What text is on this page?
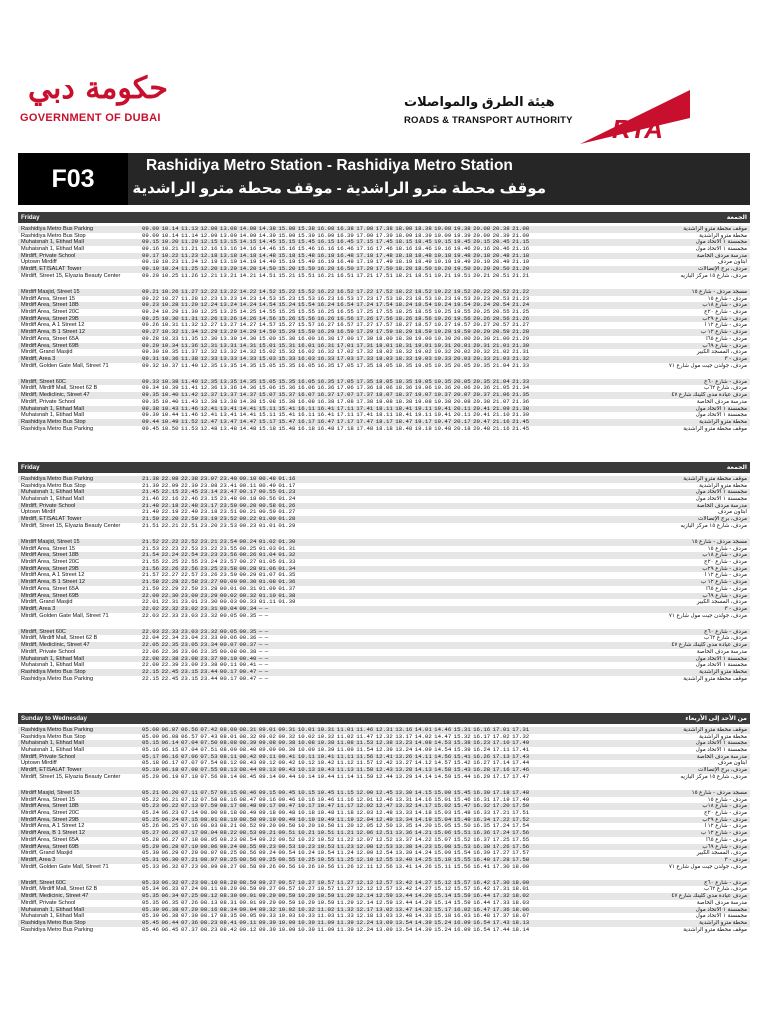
حكومة دبي
GOVERNMENT OF DUBAI
هيئة الطرق والمواصلات
ROADS & TRANSPORT AUTHORITY RTA
F03	Rashidiya Metro Station - Rashidiya Metro Station
موقف محطة مترو الراشدية - موقف محطة مترو الراشدية
Friday	الجمعة
Rashidiya Metro Bus Parking	09.09 10.14 11.13 12.08 13.08 14.08 14.38 15.08 15.38 16.08 16.38 17.08 17.38 18.08 18.38 19.08 19.38 20.08 20.38 21.08	موقف محطة مترو الراشدية
Rashidiya Metro Bus Stop	09.09 10.14 11.14 12.09 13.09 14.09 14.39 15.09 15.39 16.09 16.39 17.09 17.39 18.09 18.39 19.09 19.39 20.09 20.39 21.09	محطة مترو الراشدية
Muhaisnah 1, Etihad Mall	09.15 10.20 11.20 12.15 13.15 14.15 14.45 15.15 15.45 16.15 16.45 17.15 17.45 18.15 18.45 19.15 19.45 20.15 20.45 21.15	مجمسنة ١ الاتحاد مول
Muhaisnah 1, Etihad Mall	09.16 10.21 11.21 12.16 13.16 14.16 14.46 15.16 15.46 16.16 16.46 17.16 17.46 18.16 18.46 19.16 19.46 20.16 20.46 21.16	مجمسنة ١ الاتحاد مول
Mirdiff, Private School	09.17 10.22 11.23 12.18 13.18 14.18 14.48 15.18 15.48 16.18 16.48 17.18 17.48 18.18 18.48 19.18 19.48 20.18 20.48 21.18	مدرسة مردف الخاصة
Uptown Mirdiff	09.18 10.23 11.24 12.19 13.19 14.19 14.49 15.19 15.49 16.19 16.49 17.19 17.49 18.19 18.49 19.19 19.49 20.19 20.49 21.19	أبتاون مردف
Mirdiff, ETISALAT Tower	09.19 10.24 11.25 12.20 13.20 14.20 14.50 15.20 15.50 16.20 16.50 17.20 17.50 18.20 18.50 19.20 19.50 20.20 20.50 21.20	مردف، برج الإتصالات
Mirdiff, Street 15, Elyazia Beauty Center	09.20 10.25 11.26 12.21 13.21 14.21 14.51 15.21 15.51 16.21 16.51 17.21 17.51 18.21 18.51 19.21 19.51 20.21 20.51 21.21	مردف، شارع ١٥ مركز اليازيه
Mirdiff Masjid, Street 15	09.21 10.26 11.27 12.22 13.22 14.22 14.52 15.22 15.52 16.22 16.52 17.22 17.52 18.22 18.52 19.22 19.52 20.22 20.52 21.22	مسجد مردف - شارع ١٥
Mirdiff Area, Street 15	09.22 10.27 11.28 12.23 13.23 14.23 14.53 15.23 15.53 16.23 16.53 17.23 17.53 18.23 18.53 19.23 19.53 20.23 20.53 21.23	مردف - شارع ١٥
Mirdiff Area, Street 18B	09.23 10.28 11.29 12.24 13.24 14.24 14.54 15.24 15.54 16.24 16.54 17.24 17.54 18.24 18.54 19.24 19.54 20.24 20.54 21.24	مردف - شارع ١٨ب
Mirdiff Area, Street 20C	09.24 10.29 11.30 12.25 13.25 14.25 14.55 15.25 15.55 16.25 16.55 17.25 17.55 18.25 18.55 19.25 19.55 20.25 20.55 21.25	مردف - شارع ٢٠ج
Mirdiff Area, Street 29B	09.25 10.30 11.31 12.26 13.26 14.26 14.56 15.26 15.56 16.26 16.56 17.26 17.56 18.26 18.56 19.26 19.56 20.26 20.56 21.26	مردف - شارع ٢٩ب
Mirdiff Area, A 1 Street 12	09.26 10.31 11.32 12.27 13.27 14.27 14.57 15.27 15.57 16.27 16.57 17.27 17.57 18.27 18.57 19.27 19.57 20.27 20.57 21.27	مردف - شارع ١٢ أ
Mirdiff Area, B 1 Street 12	09.27 10.32 11.34 12.29 13.29 14.29 14.59 15.29 15.59 16.29 16.59 17.29 17.59 18.29 18.59 19.29 19.59 20.29 20.59 21.28	مردف - شارع ١٢ ب
Mirdiff Area, Street 65A	09.28 10.33 11.35 12.30 13.30 14.30 15.00 15.30 16.00 16.30 17.00 17.30 18.00 18.30 19.00 19.30 20.00 20.30 21.00 21.29	مردف - شارع ٦٥أ
Mirdiff Area, Street 69B	09.29 10.34 11.36 12.31 13.31 14.31 15.01 15.31 16.01 16.31 17.01 17.31 18.01 18.31 19.01 19.31 20.01 20.31 21.01 21.30	مردف - شارع ٦٩ب
Mirdiff, Grand Masjid	09.30 10.35 11.37 12.32 13.32 14.32 15.02 15.32 16.02 16.32 17.02 17.32 18.02 18.32 19.02 19.32 20.02 20.32 21.02 21.31	مردف، المسجد الكبير
Mirdiff, Area 3	09.31 10.36 11.38 12.33 13.33 14.33 15.03 15.33 16.03 16.33 17.03 17.33 18.03 18.33 19.03 19.33 20.03 20.33 21.03 21.32	مردف - ٣
Mirdiff, Golden Gate Mall, Street 71	09.32 10.37 11.40 12.35 13.35 14.35 15.05 15.35 16.05 16.35 17.05 17.35 18.05 18.35 19.05 19.35 20.05 20.35 21.04 21.33	مردف، جولدن جيت مول شارع ٧١
Mirdiff, Street 60C	09.33 10.38 11.40 12.35 13.35 14.35 15.05 15.35 16.05 16.35 17.05 17.35 18.05 18.35 19.05 19.35 20.05 20.35 21.04 21.33	مردف - شارع ٦٠ج
Mirdiff, Mirdiff Mall, Street 62 B	09.34 10.39 11.41 12.36 13.36 14.36 15.06 15.36 16.06 16.36 17.06 17.36 18.06 18.36 19.06 19.36 20.06 20.36 21.05 21.34	مردف، شارع ٦٢ب
Mirdiff, Mediclinic, Street 47	09.35 10.40 11.42 12.37 13.37 14.37 15.07 15.37 16.07 16.37 17.07 17.37 18.07 18.37 19.07 19.37 20.07 20.37 21.06 21.35	مردف عيادة مدي كلينك شارع ٤٧
Mirdiff, Private School	09.35 10.40 11.43 12.38 13.38 14.38 15.08 15.38 16.08 16.38 17.08 17.38 18.08 18.38 19.08 19.38 20.08 20.38 21.07 21.36	مدرسة مردف الخاصة
Muhaisnah 1, Etihad Mall	09.38 10.43 11.46 12.41 13.41 14.41 15.11 15.41 16.11 16.41 17.11 17.41 18.11 18.41 19.11 19.41 20.11 20.41 21.09 21.38	مجمسنة ١ الاتحاد مول
Muhaisnah 1, Etihad Mall	09.39 10.44 11.46 12.41 13.41 14.41 15.11 15.41 16.11 16.41 17.11 17.41 18.11 18.41 19.11 19.41 20.11 20.41 21.10 21.39	مجمسنة ١ الاتحاد مول
Rashidiya Metro Bus Stop	09.44 10.49 11.52 12.47 13.47 14.47 15.17 15.47 16.17 16.47 17.17 17.47 18.17 18.47 19.17 19.47 20.17 20.47 21.16 21.45	محطة مترو الراشدية
Rashidiya Metro Bus Parking	09.45 10.50 11.53 12.48 13.48 14.48 15.18 15.48 16.18 16.48 17.18 17.48 18.18 18.48 19.18 19.48 20.18 20.48 21.16 21.45	موقف محطة مترو الراشدية
Friday	الجمعة
Rashidiya Metro Bus Parking	21.38 22.08 22.38 23.07 23.40 00.10 00.48 01.16	موقف محطة مترو الراشدية
Rashidiya Metro Bus Stop	21.39 22.09 22.39 23.08 23.41 00.11 00.49 01.17	محطة مترو الراشدية
Muhaisnah 1, Etihad Mall	21.45 22.15 22.45 23.14 23.47 00.17 00.55 01.23	مجمسنة ١ الاتحاد مول
Muhaisnah 1, Etihad Mall	21.46 22.16 22.46 23.15 23.48 00.18 00.56 01.24	مجمسنة ١ الاتحاد مول
Mirdiff, Private School	21.48 22.18 22.48 23.17 23.50 00.20 00.58 01.26	مدرسة مردف الخاصة
Uptown Mirdif	21.49 22.19 22.49 23.18 23.51 00.21 00.59 01.27	أبتاون مردف
Mirdiff, ETISALAT Tower	21.50 22.20 22.50 23.19 23.52 00.22 01.00 01.28	مردف، برج الإتصالات
Mirdiff, Street 15, Elyazia Beauty Center	21.51 22.21 22.51 23.20 23.53 00.23 01.01 01.29	مردف، شارع ١٥ مركز اليازيه
Mirdiff Masjid, Street 15	21.52 22.22 22.52 23.21 23.54 00.24 01.02 01.30	مسجد مردف - شارع ١٥
Mirdiff Area, Street 15	21.53 22.23 22.53 23.22 23.55 00.25 01.03 01.31	مردف - شارع ١٥
Mirdiff Area, Street 18B	21.54 22.24 22.54 23.23 23.56 00.26 01.04 01.32	مردف - شارع ١٨ب
Mirdiff Area, Street 20C	21.55 22.25 22.55 23.24 23.57 00.27 01.05 01.33	مردف - شارع ٢٠ج
Mirdiff Area, Street 29B	21.56 22.26 22.56 23.25 23.58 00.28 01.06 01.34	مردف - شارع ٢٩ب
Mirdiff Area, A 1 Street 12	21.57 22.27 22.57 23.26 23.59 00.29 01.07 01.35	مردف - شارع ١٢ أ
Mirdiff Area, B 1 Street 12	21.58 22.28 22.58 23.27 00.00 00.30 01.08 01.36	مردف - شارع ١٢ ب
Mirdiff Area, Street 65A	21.59 22.29 22.59 23.28 00.01 00.31 01.09 01.37	مردف - شارع ٦٥أ
Mirdiff Area, Street 69B	22.00 22.30 23.00 23.29 00.02 00.32 01.10 01.38	مردف - شارع ٦٩ب
Mirdiff, Grand Masjid	22.01 22.31 23.01 23.30 00.03 00.33 01.11 01.39	مردف، المسجد الكبير
Mirdiff, Area 3	22.02 22.32 23.02 23.31 00.04 00.34 — —	مردف - ٣
Mirdiff, Golden Gate Mall, Street 71	22.03 22.33 23.03 23.32 00.05 00.35 — —	مردف، جولدن جيت مول شارع ٧١
Mirdiff, Street 60C	22.03 22.33 23.03 23.32 00.05 00.35 — —	مردف - شارع ٦٠ج
Mirdiff, Mirdiff Mall, Street 62 B	22.04 22.34 23.04 23.33 00.06 00.36 — —	مردف، شارع ٦٢ب
Mirdiff, Mediclinic, Street 47	22.05 22.35 23.05 23.34 00.07 00.37 — —	مردف عيادة مدي كلينك شارع ٤٧
Mirdiff, Private School	22.06 22.36 23.06 23.35 00.08 00.38 — —	مدرسة مردف الخاصة
Muhaisnah 1, Etihad Mall	22.08 22.38 23.08 23.37 00.10 00.40 — —	مجمسنة ١ الاتحاد مول
Muhaisnah 1, Etihad Mall	22.09 22.39 23.09 23.38 00.11 00.41 — —	مجمسنة ١ الاتحاد مول
Rashidiya Metro Bus Stop	22.15 22.45 23.15 23.44 00.17 00.47 — —	محطة مترو الراشدية
Rashidiya Metro Bus Parking	22.15 22.45 23.15 23.44 00.17 00.47 — —	موقف محطة مترو الراشدية
Sunday to Wednesday	من الأحد إلى الأربعاء
Rashidiya Metro Bus Parking	05.08 06.07 06.56 07.42 08.00 08.31 09.01 09.31 10.01 10.31 11.01 11.46 12.31 13.16 14.01 14.46 15.31 16.16 17.01 17.31	موقف محطة مترو الراشدية
Rashidiya Metro Bus Stop	05.09 06.08 06.57 07.43 08.01 08.32 09.02 09.32 10.02 10.32 11.02 11.47 12.32 13.17 14.02 14.47 15.32 16.17 17.02 17.32	محطة مترو الراشدية
Muhaisnah 1, Etihad Mall	05.15 06.14 07.04 07.50 08.08 08.39 09.08 09.38 10.08 10.38 11.08 11.53 12.38 13.23 14.08 14.53 15.38 16.23 17.10 17.40	مجمسنة ١ الاتحاد مول
Muhaisnah 1, Etihad Mall	05.16 06.15 07.04 07.51 08.09 08.40 09.09 09.39 10.09 10.39 11.09 11.54 12.39 13.24 14.09 14.54 15.39 16.24 17.11 17.41	مجمسنة ١ الاتحاد مول
Mirdiff, Private School	05.17 06.16 07.06 07.53 08.11 08.42 09.11 09.41 10.11 10.41 11.11 11.56 12.41 13.26 14.11 14.56 15.41 16.26 17.13 17.43	مدرسة مردف الخاصة
Uptown Mirdiff	05.18 06.17 07.07 07.54 08.12 08.43 09.12 09.42 10.12 10.42 11.12 11.57 12.42 13.27 14.12 14.57 15.42 16.27 17.14 17.44	أبتاون مردف
Mirdiff, ETISALAT Tower	05.19 06.18 07.08 07.55 08.13 08.44 09.13 09.43 10.13 10.43 11.13 11.58 12.43 13.28 14.13 14.58 15.43 16.28 17.16 17.46	مردف، برج الإتصالات
Mirdiff, Street 15, Elyazia Beauty Center	05.20 06.19 07.10 07.56 08.14 08.45 09.14 09.44 10.14 10.44 11.14 11.59 12.44 13.29 14.14 14.59 15.44 16.29 17.17 17.47	مردف، شارع ١٥ مركز اليازيه
Mirdiff Masjid, Street 15	05.21 06.20 07.11 07.57 08.15 08.46 09.15 09.45 10.15 10.45 11.15 12.00 12.45 13.30 14.15 15.00 15.45 16.30 17.18 17.48	مسجد مردف - شارع ١٥
Mirdiff Area, Street 15	05.22 06.21 07.12 07.58 08.16 08.47 09.16 09.46 10.16 10.46 11.16 12.01 12.46 13.31 14.16 15.01 15.46 16.31 17.19 17.49	مردف - شارع ١٥
Mirdiff Area, Street 18B	05.23 06.22 07.13 07.59 08.17 08.48 09.17 09.47 10.17 10.47 11.17 12.02 12.47 13.32 14.17 15.02 15.47 16.32 17.20 17.50	مردف - شارع ١٨ب
Mirdiff Area, Street 20C	05.24 06.23 07.14 08.00 08.18 08.49 09.18 09.48 10.18 10.48 11.18 12.03 12.48 13.33 14.18 15.03 15.48 16.33 17.21 17.51	مردف - شارع ٢٠ج
Mirdiff Area, Street 29B	05.25 06.24 07.15 08.01 08.19 08.50 09.19 09.49 10.19 10.49 11.19 12.04 12.49 13.34 14.19 15.04 15.49 16.34 17.22 17.52	مردف - شارع ٢٩ب
Mirdiff Area, A 1 Street 12	05.26 06.25 07.16 08.03 08.21 08.52 09.20 09.50 10.20 10.50 11.20 12.05 12.50 13.35 14.20 15.05 15.50 16.35 17.24 17.54	مردف - شارع ١٢ أ
Mirdiff Area, B 1 Street 12	05.27 06.26 07.17 08.04 08.22 08.53 09.21 09.51 10.21 10.51 11.21 12.06 12.51 13.36 14.21 15.06 15.51 16.36 17.24 17.56	مردف - شارع ١٢ ب
Mirdiff Area, Street 65A	05.28 06.27 07.18 08.05 08.23 08.54 09.22 09.52 10.22 10.52 11.22 12.07 12.52 13.37 14.22 15.07 15.52 16.37 17.25 17.55	مردف - شارع ٦٥أ
Mirdiff Area, Street 69B	05.29 06.28 07.19 08.06 08.24 08.55 09.23 09.53 10.23 10.53 11.23 12.08 12.53 13.38 14.23 15.08 15.53 16.38 17.26 17.56	مردف - شارع ٦٩ب
Mirdiff, Grand Masjid	05.30 06.29 07.20 08.07 08.25 08.56 09.24 09.54 10.24 10.54 11.24 12.09 12.54 13.39 14.24 15.09 15.54 16.39 17.27 17.57	مردف، المسجد الكبير
Mirdiff, Area 3	05.31 06.30 07.21 08.07 08.25 08.56 09.25 09.55 10.25 10.55 11.25 12.10 12.55 13.40 14.25 15.10 15.55 16.40 17.28 17.58	مردف - ٣
Mirdiff, Golden Gate Mall, Street 71	05.33 06.32 07.23 08.09 08.27 08.58 09.26 09.56 10.26 10.56 11.26 12.11 12.56 13.41 14.26 15.11 15.56 16.41 17.30 18.00	مردف، جولدن جيت مول شارع ٧١
Mirdiff, Street 60C	05.33 06.32 07.23 08.10 08.28 08.59 09.27 09.57 10.27 10.57 11.27 12.12 12.57 13.42 14.27 15.12 15.57 16.42 17.30 18.00	مردف - شارع ٦٠ج
Mirdiff, Mirdiff Mall, Street 62 B	05.34 06.33 07.24 08.11 08.29 08.59 09.27 09.57 10.27 10.57 11.27 12.12 12.57 13.42 14.27 15.12 15.57 16.42 17.31 18.01	مردف، شارع ٦٢ب
Mirdiff, Medicinic, Street 47	05.35 06.34 07.25 08.12 08.30 09.01 09.29 09.59 10.29 10.59 11.29 12.14 12.59 13.44 14.29 15.14 15.59 16.44 17.32 18.02	مردف عيادة مدي كلينك شارع ٤٧
Mirdiff, Private School	05.35 06.35 07.26 08.13 08.31 09.01 09.29 09.59 10.29 10.59 11.29 12.14 12.59 13.44 14.29 15.14 15.59 16.44 17.33 18.03	مدرسة مردف الخاصة
Muhaisnah 1, Etihad Mall	05.39 06.38 07.29 08.16 08.34 09.04 09.32 10.02 10.32 11.02 11.32 12.17 13.02 13.47 14.32 15.17 16.02 16.47 17.36 18.06	مجمسنة ١ الاتحاد مول
Muhaisnah 1, Etihad Mall	05.39 06.38 07.30 08.17 08.35 09.05 09.33 10.03 10.33 11.03 11.33 12.18 13.03 13.48 14.33 15.18 16.03 16.48 17.37 18.07	مجمسنة ١ الاتحاد مول
Rashidiya Metro Bus Stop	05.45 06.44 07.36 08.23 08.41 09.11 09.39 10.09 10.39 11.09 11.39 12.24 13.09 13.54 14.39 15.24 16.09 16.54 17.43 18.13	محطة مترو الراشدية
Rashidiya Metro Bus Parking	05.46 06.45 07.37 08.23 08.42 09.12 09.39 10.09 10.39 11.09 11.39 12.24 13.09 13.54 14.39 15.24 16.09 16.54 17.44 18.14	موقف محطة مترو الراشدية
